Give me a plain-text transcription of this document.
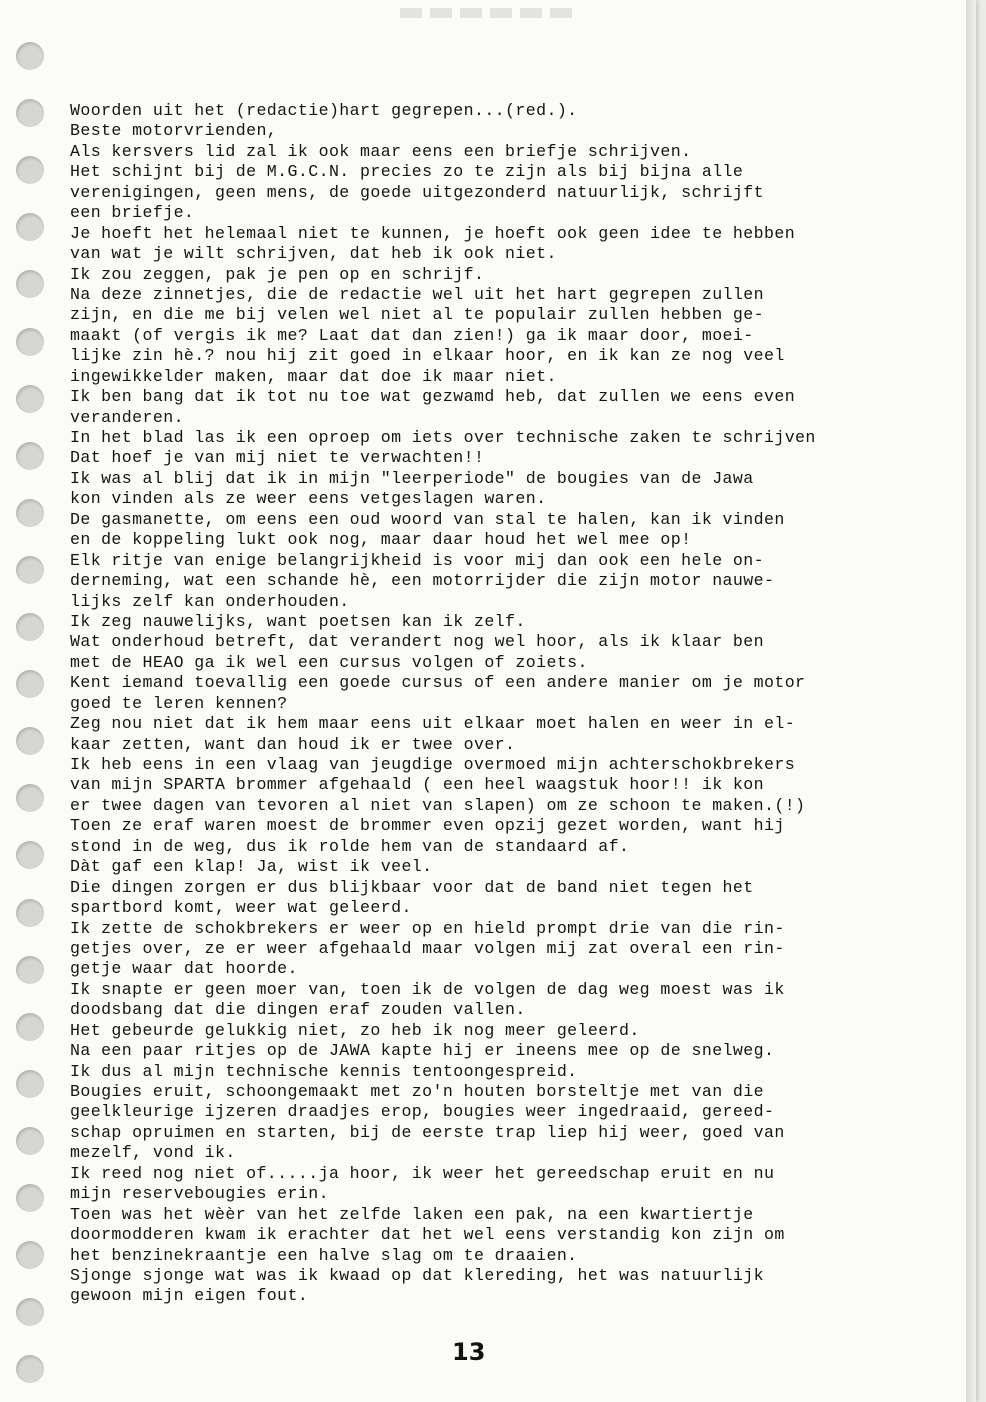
Woorden uit het (redactie)hart gegrepen...(red.).
Beste motorvrienden,
Als kersvers lid zal ik ook maar eens een briefje schrijven.
Het schijnt bij de M.G.C.N. precies zo te zijn als bij bijna alle
verenigingen, geen mens, de goede uitgezonderd natuurlijk, schrijft
een briefje.
Je hoeft het helemaal niet te kunnen, je hoeft ook geen idee te hebben
van wat je wilt schrijven, dat heb ik ook niet.
Ik zou zeggen, pak je pen op en schrijf.
Na deze zinnetjes, die de redactie wel uit het hart gegrepen zullen
zijn, en die me bij velen wel niet al te populair zullen hebben ge-
maakt (of vergis ik me? Laat dat dan zien!) ga ik maar door, moei-
lijke zin hè.? nou hij zit goed in elkaar hoor, en ik kan ze nog veel
ingewikkelder maken, maar dat doe ik maar niet.
Ik ben bang dat ik tot nu toe wat gezwamd heb, dat zullen we eens even
veranderen.
In het blad las ik een oproep om iets over technische zaken te schrijven
Dat hoef je van mij niet te verwachten!!
Ik was al blij dat ik in mijn "leerperiode" de bougies van de Jawa
kon vinden als ze weer eens vetgeslagen waren.
De gasmanette, om eens een oud woord van stal te halen, kan ik vinden
en de koppeling lukt ook nog, maar daar houd het wel mee op!
Elk ritje van enige belangrijkheid is voor mij dan ook een hele on-
derneming, wat een schande hè, een motorrijder die zijn motor nauwe-
lijks zelf kan onderhouden.
Ik zeg nauwelijks, want poetsen kan ik zelf.
Wat onderhoud betreft, dat verandert nog wel hoor, als ik klaar ben
met de HEAO ga ik wel een cursus volgen of zoiets.
Kent iemand toevallig een goede cursus of een andere manier om je motor
goed te leren kennen?
Zeg nou niet dat ik hem maar eens uit elkaar moet halen en weer in el-
kaar zetten, want dan houd ik er twee over.
Ik heb eens in een vlaag van jeugdige overmoed mijn achterschokbrekers
van mijn SPARTA brommer afgehaald ( een heel waagstuk hoor!! ik kon
er twee dagen van tevoren al niet van slapen) om ze schoon te maken.(!)
Toen ze eraf waren moest de brommer even opzij gezet worden, want hij
stond in de weg, dus ik rolde hem van de standaard af.
Dàt gaf een klap! Ja, wist ik veel.
Die dingen zorgen er dus blijkbaar voor dat de band niet tegen het
spartbord komt, weer wat geleerd.
Ik zette de schokbrekers er weer op en hield prompt drie van die rin-
getjes over, ze er weer afgehaald maar volgen mij zat overal een rin-
getje waar dat hoorde.
Ik snapte er geen moer van, toen ik de volgen de dag weg moest was ik
doodsbang dat die dingen eraf zouden vallen.
Het gebeurde gelukkig niet, zo heb ik nog meer geleerd.
Na een paar ritjes op de JAWA kapte hij er ineens mee op de snelweg.
Ik dus al mijn technische kennis tentoongespreid.
Bougies eruit, schoongemaakt met zo'n houten borsteltje met van die
geelkleurige ijzeren draadjes erop, bougies weer ingedraaid, gereed-
schap opruimen en starten, bij de eerste trap liep hij weer, goed van
mezelf, vond ik.
Ik reed nog niet of.....ja hoor, ik weer het gereedschap eruit en nu
mijn reservebougies erin.
Toen was het wèèr van het zelfde laken een pak, na een kwartiertje
doormodderen kwam ik erachter dat het wel eens verstandig kon zijn om
het benzinekraantje een halve slag om te draaien.
Sjonge sjonge wat was ik kwaad op dat klereding, het was natuurlijk
gewoon mijn eigen fout.
13
